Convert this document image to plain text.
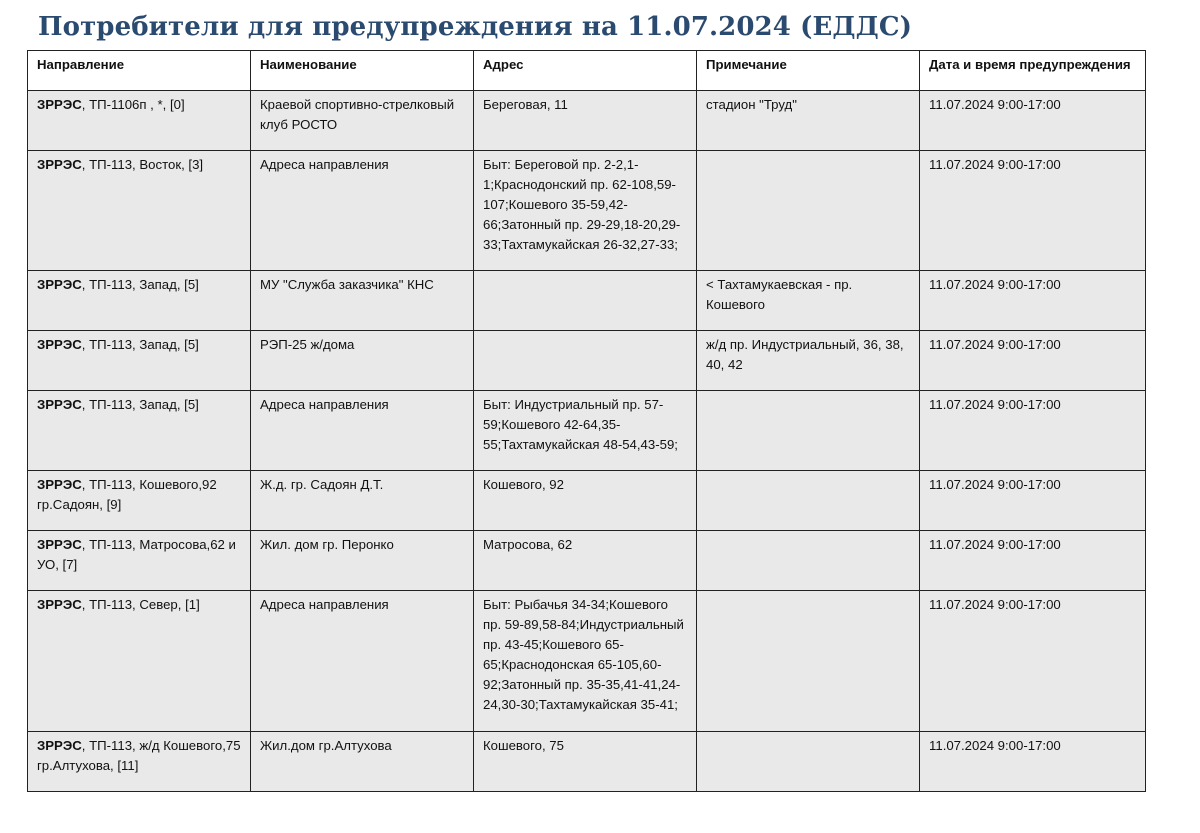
Потребители для предупреждения на 11.07.2024 (ЕДДС)
Направление	Наименование	Адрес	Примечание	Дата и время предупреждения
ЗРРЭС, ТП-1106п , *, [0]	Краевой спортивно-стрелковый клуб РОСТО	Береговая, 11	стадион "Труд"	11.07.2024 9:00-17:00
ЗРРЭС, ТП-113, Восток, [3]	Адреса направления	Быт: Береговой пр. 2-2,1-1;Краснодонский пр. 62-108,59-107;Кошевого 35-59,42-66;Затонный пр. 29-29,18-20,29-33;Тахтамукайская 26-32,27-33;		11.07.2024 9:00-17:00
ЗРРЭС, ТП-113, Запад, [5]	МУ "Служба заказчика" КНС		< Тахтамукаевская - пр. Кошевого	11.07.2024 9:00-17:00
ЗРРЭС, ТП-113, Запад, [5]	РЭП-25 ж/дома		ж/д пр. Индустриальный, 36, 38, 40, 42	11.07.2024 9:00-17:00
ЗРРЭС, ТП-113, Запад, [5]	Адреса направления	Быт: Индустриальный пр. 57-59;Кошевого 42-64,35-55;Тахтамукайская 48-54,43-59;		11.07.2024 9:00-17:00
ЗРРЭС, ТП-113, Кошевого,92 гр.Садоян, [9]	Ж.д. гр. Садоян Д.Т.	Кошевого, 92		11.07.2024 9:00-17:00
ЗРРЭС, ТП-113, Матросова,62 и УО, [7]	Жил. дом гр. Перонко	Матросова, 62		11.07.2024 9:00-17:00
ЗРРЭС, ТП-113, Север, [1]	Адреса направления	Быт: Рыбачья 34-34;Кошевого пр. 59-89,58-84;Индустриальный пр. 43-45;Кошевого 65-65;Краснодонская 65-105,60-92;Затонный пр. 35-35,41-41,24-24,30-30;Тахтамукайская 35-41;		11.07.2024 9:00-17:00
ЗРРЭС, ТП-113, ж/д Кошевого,75 гр.Алтухова, [11]	Жил.дом гр.Алтухова	Кошевого, 75		11.07.2024 9:00-17:00
